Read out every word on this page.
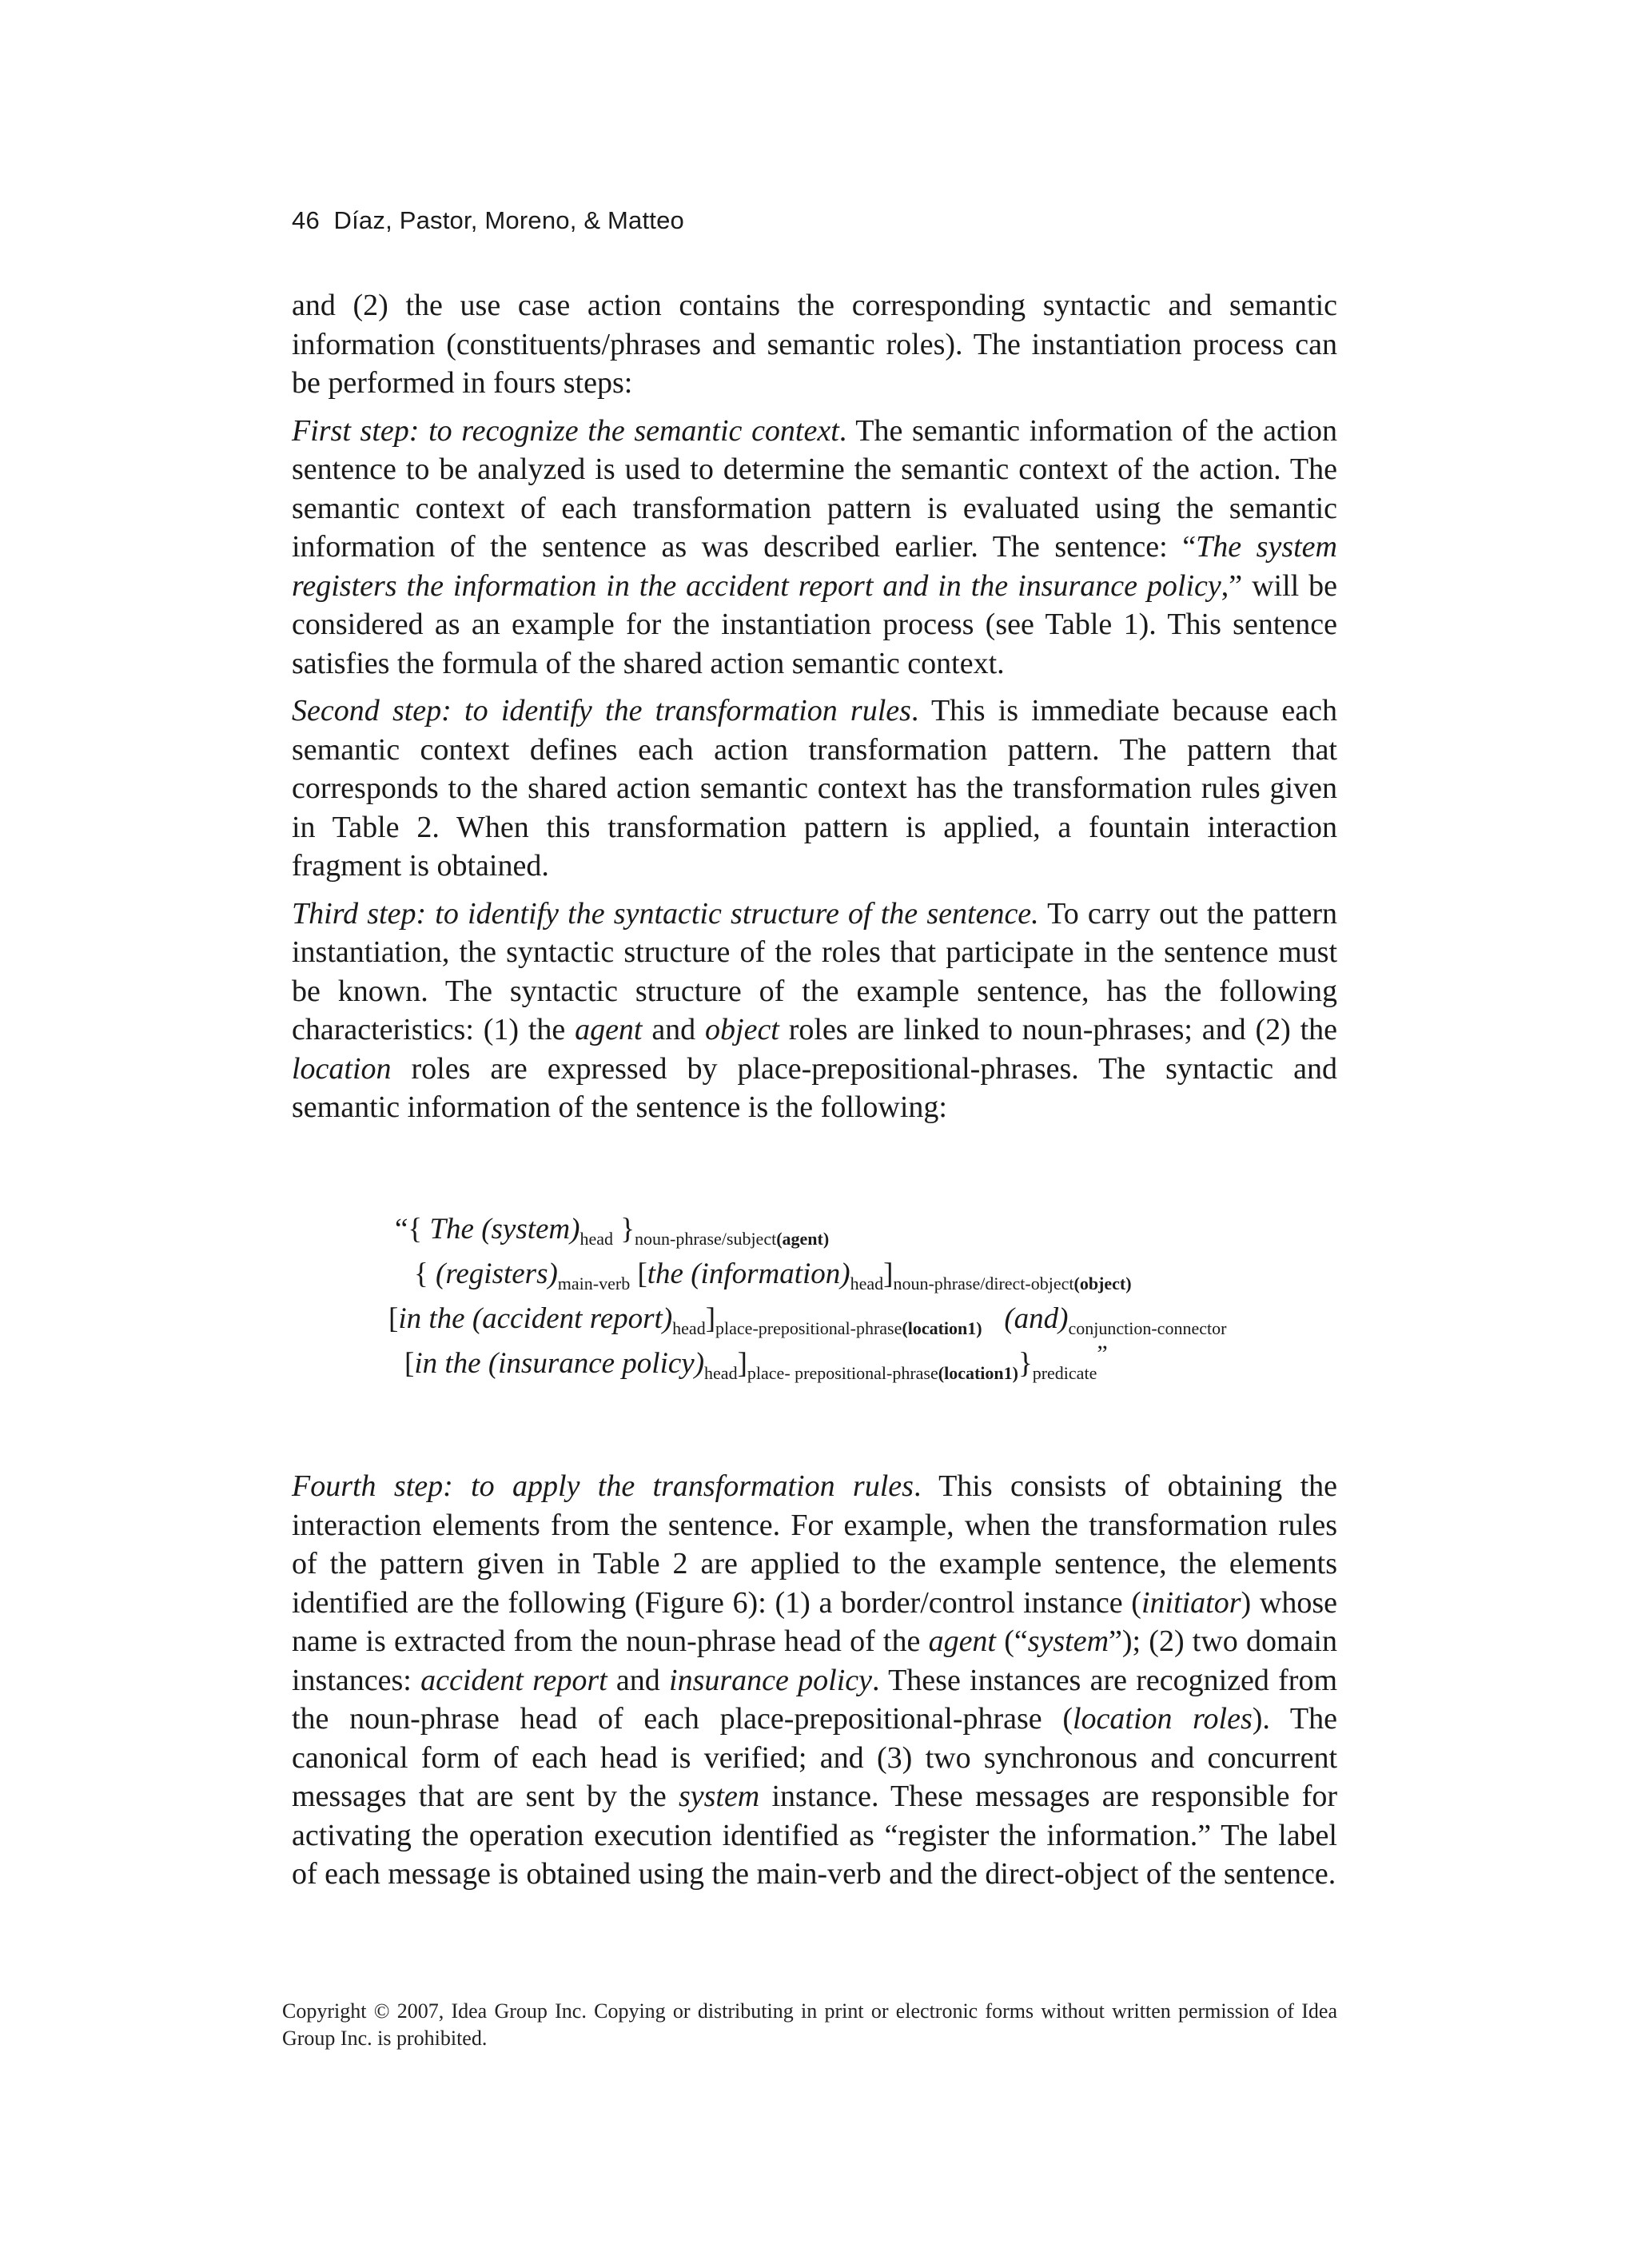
46 Díaz, Pastor, Moreno, & Matteo

and (2) the use case action contains the corresponding syntactic and semantic information (constituents/phrases and semantic roles). The instantiation process can be performed in fours steps:

First step: to recognize the semantic context. The semantic information of the action sentence to be analyzed is used to determine the semantic context of the action. The semantic context of each transformation pattern is evaluated using the semantic information of the sentence as was described earlier. The sentence: “The system registers the information in the accident report and in the insurance policy,” will be considered as an example for the instantiation process (see Table 1). This sentence satisfies the formula of the shared action semantic context.

Second step: to identify the transformation rules. This is immediate because each semantic context defines each action transformation pattern. The pattern that corresponds to the shared action semantic context has the transformation rules given in Table 2. When this transformation pattern is applied, a fountain interaction fragment is obtained.

Third step: to identify the syntactic structure of the sentence. To carry out the pattern instantiation, the syntactic structure of the roles that participate in the sentence must be known. The syntactic structure of the example sentence, has the following characteristics: (1) the agent and object roles are linked to noun-phrases; and (2) the location roles are expressed by place-prepositional-phrases. The syntactic and semantic information of the sentence is the following:

“{ The $(system)_{head}$ }$_{noun-phrase/subject(agent)}$
{ $(registers)_{main-verb}$ [the $(information)_{head}]_{noun-phrase/direct-object(object)}$
[in the (accident $report)_{head}]_{place-prepositional-phrase(location1)}$ $(and)_{conjunction-connector}$
[in the (insurance $policy)_{head}]_{place- prepositional-phrase(location1)}\}_{predicate}^”$

Fourth step: to apply the transformation rules. This consists of obtaining the interaction elements from the sentence. For example, when the transformation rules of the pattern given in Table 2 are applied to the example sentence, the elements identified are the following (Figure 6): (1) a border/control instance (initiator) whose name is extracted from the noun-phrase head of the agent (“system”); (2) two domain instances: accident report and insurance policy. These instances are recognized from the noun-phrase head of each place-prepositional-phrase (location roles). The canonical form of each head is verified; and (3) two synchronous and concurrent messages that are sent by the system instance. These messages are responsible for activating the operation execution identified as “register the information.” The label of each message is obtained using the main-verb and the direct-object of the sentence.

Copyright © 2007, Idea Group Inc. Copying or distributing in print or electronic forms without written permission of Idea Group Inc. is prohibited.
